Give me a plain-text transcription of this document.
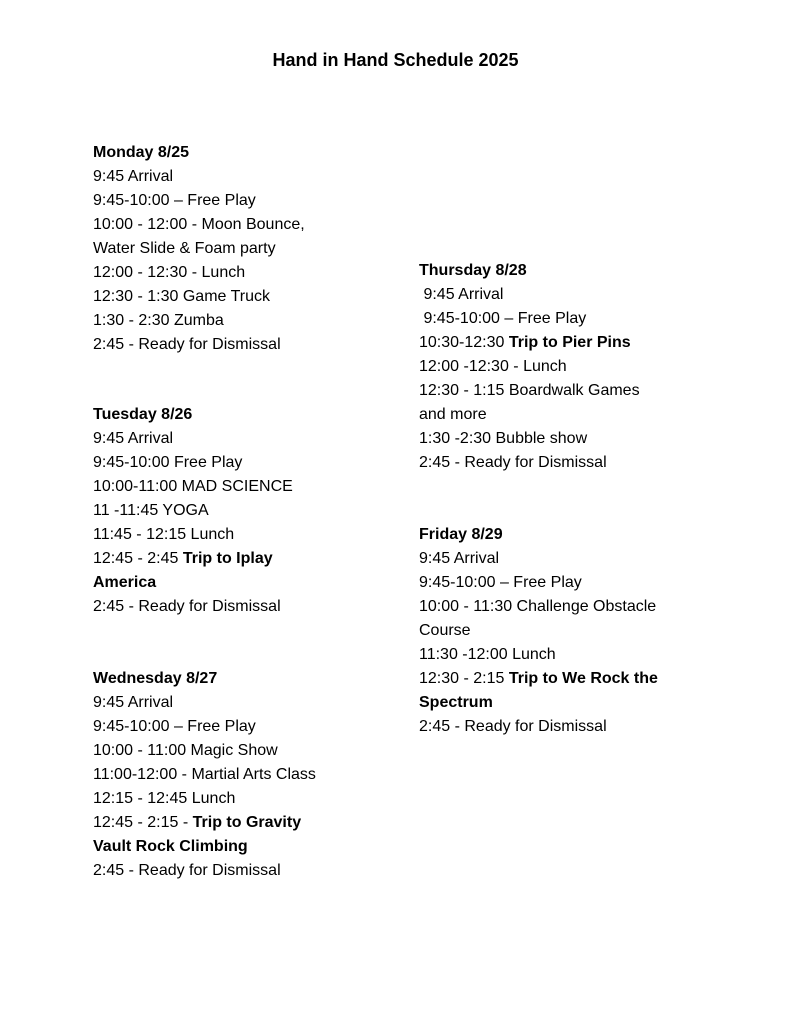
Hand in Hand Schedule 2025
Monday 8/25
9:45 Arrival
9:45-10:00 – Free Play
10:00 - 12:00 - Moon Bounce,
Water Slide & Foam party
12:00 - 12:30 - Lunch
12:30 - 1:30 Game Truck
1:30 - 2:30 Zumba
2:45 - Ready for Dismissal
Tuesday 8/26
9:45 Arrival
9:45-10:00 Free Play
10:00-11:00 MAD SCIENCE
11 -11:45 YOGA
11:45 - 12:15 Lunch
12:45 - 2:45 Trip to Iplay
America
2:45 - Ready for Dismissal
Wednesday 8/27
9:45 Arrival
9:45-10:00 – Free Play
10:00 - 11:00 Magic Show
11:00-12:00 - Martial Arts Class
12:15 - 12:45 Lunch
12:45 - 2:15 - Trip to Gravity
Vault Rock Climbing
2:45 - Ready for Dismissal
Thursday 8/28
9:45 Arrival
9:45-10:00 – Free Play
10:30-12:30 Trip to Pier Pins
12:00 -12:30 - Lunch
12:30 - 1:15 Boardwalk Games
and more
1:30 -2:30 Bubble show
2:45 - Ready for Dismissal
Friday 8/29
9:45 Arrival
9:45-10:00 – Free Play
10:00 - 11:30 Challenge Obstacle
Course
11:30 -12:00 Lunch
12:30 - 2:15 Trip to We Rock the
Spectrum
2:45 - Ready for Dismissal
